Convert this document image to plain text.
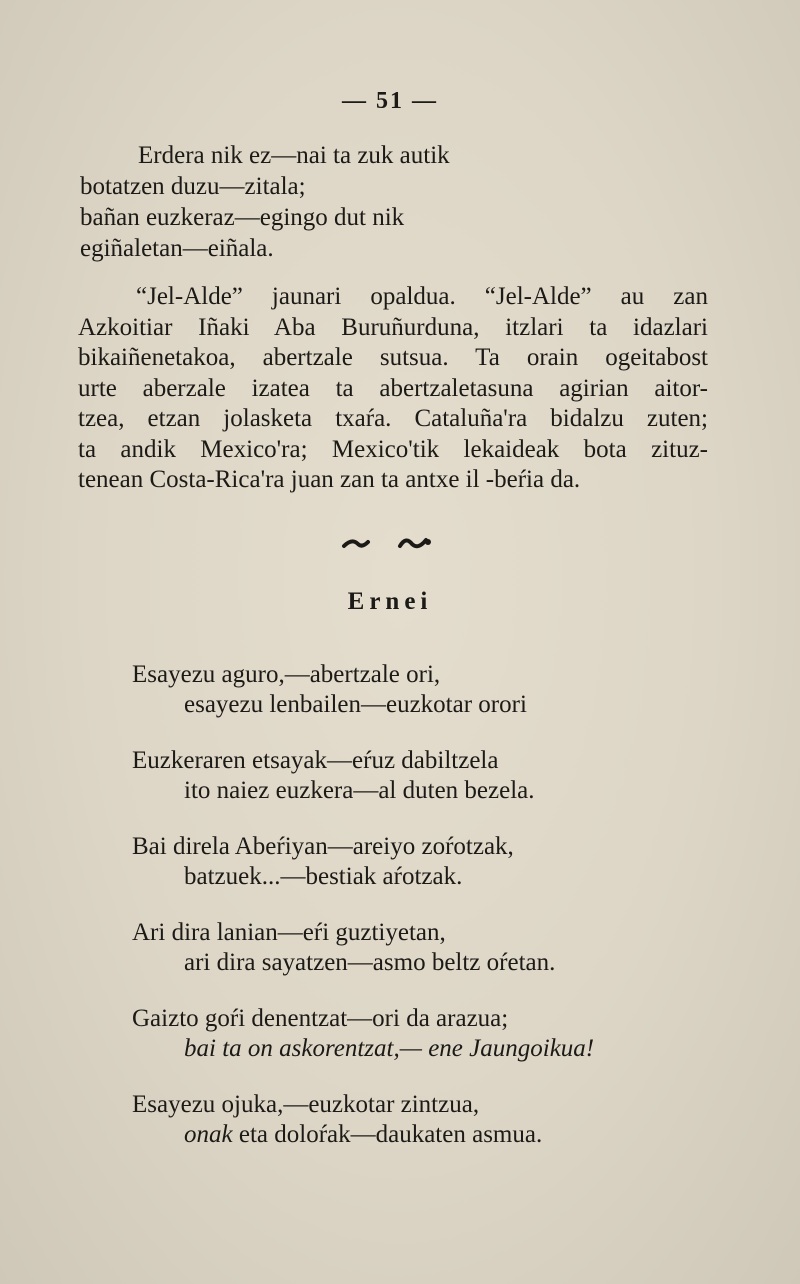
— 51 —
Erdera nik ez—nai ta zuk autik
botatzen duzu—zitala;
bañan euzkeraz—egingo dut nik
egiñaletan—eiñala.
“Jel-Alde” jaunari opaldua. “Jel-Alde” au zan
Azkoitiar Iñaki Aba Buruñurduna, itzlari ta idazlari
bikaiñenetakoa, abertzale sutsua. Ta orain ogeitabost
urte aberzale izatea ta abertzaletasuna agirian aitor-
tzea, etzan jolasketa txaŕa. Cataluña'ra bidalzu zuten;
ta andik Mexico'ra; Mexico'tik lekaideak bota zituz-
tenean Costa-Rica'ra juan zan ta antxe il -beŕia da.
Ernei
Esayezu aguro,—abertzale ori,
esayezu lenbailen—euzkotar orori
Euzkeraren etsayak—eŕuz dabiltzela
ito naiez euzkera—al duten bezela.
Bai direla Abeŕiyan—areiyo zoŕotzak,
batzuek...—bestiak aŕotzak.
Ari dira lanian—eŕi guztiyetan,
ari dira sayatzen—asmo beltz oŕetan.
Gaizto goŕi denentzat—ori da arazua;
bai ta on askorentzat,— ene Jaungoikua!
Esayezu ojuka,—euzkotar zintzua,
onak eta doloŕak—daukaten asmua.
